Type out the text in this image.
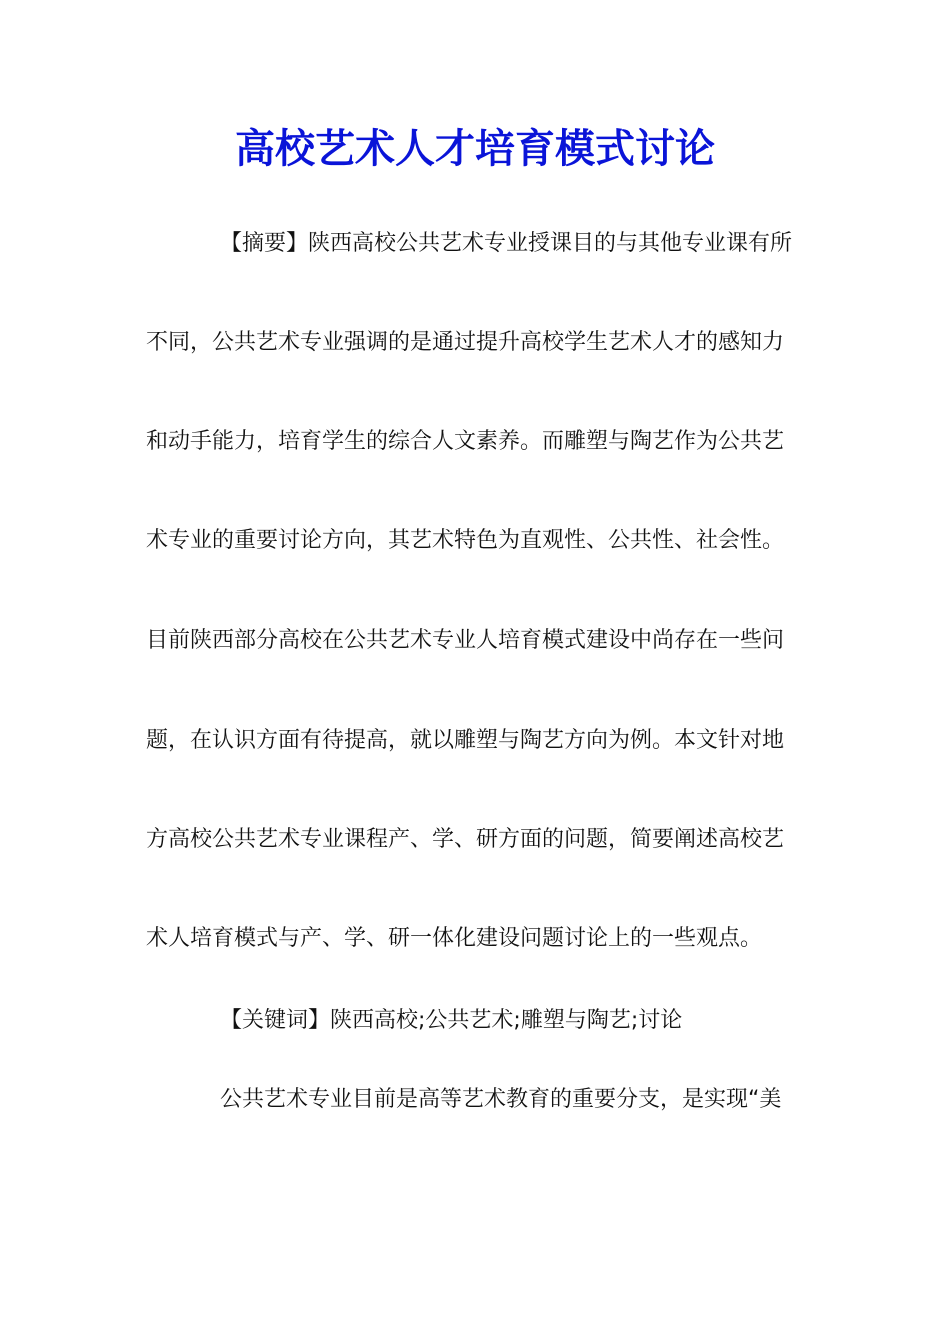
高校艺术人才培育模式讨论
【摘要】陕西高校公共艺术专业授课目的与其他专业课有所
不同，公共艺术专业强调的是通过提升高校学生艺术人才的感知力
和动手能力，培育学生的综合人文素养。而雕塑与陶艺作为公共艺
术专业的重要讨论方向，其艺术特色为直观性、公共性、社会性。
目前陕西部分高校在公共艺术专业人培育模式建设中尚存在一些问
题，在认识方面有待提高，就以雕塑与陶艺方向为例。本文针对地
方高校公共艺术专业课程产、学、研方面的问题，简要阐述高校艺
术人培育模式与产、学、研一体化建设问题讨论上的一些观点。
【关键词】陕西高校;公共艺术;雕塑与陶艺;讨论
公共艺术专业目前是高等艺术教育的重要分支，是实现“美
